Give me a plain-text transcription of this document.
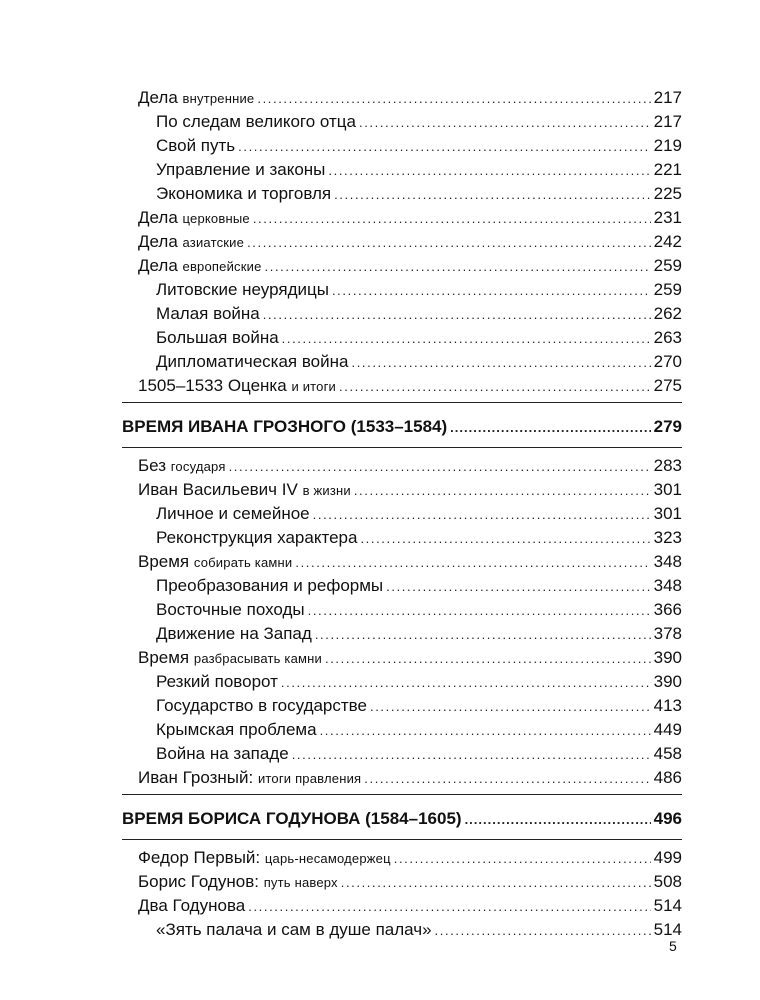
Дела внутренние .....	217
По следам великого отца .....	217
Свой путь .....	219
Управление и законы .....	221
Экономика и торговля .....	225
Дела церковные .....	231
Дела азиатские .....	242
Дела европейские .....	259
Литовские неурядицы .....	259
Малая война .....	262
Большая война .....	263
Дипломатическая война .....	270
1505–1533 Оценка и итоги .....	275
ВРЕМЯ ИВАНА ГРОЗНОГО (1533–1584) .....	279
Без государя .....	283
Иван Васильевич IV в жизни .....	301
Личное и семейное .....	301
Реконструкция характера .....	323
Время собирать камни .....	348
Преобразования и реформы .....	348
Восточные походы .....	366
Движение на Запад .....	378
Время разбрасывать камни .....	390
Резкий поворот .....	390
Государство в государстве .....	413
Крымская проблема .....	449
Война на западе .....	458
Иван Грозный: итоги правления .....	486
ВРЕМЯ БОРИСА ГОДУНОВА (1584–1605) .....	496
Федор Первый: царь-несамодержец .....	499
Борис Годунов: путь наверх .....	508
Два Годунова .....	514
«Зять палача и сам в душе палач» .....	514
5
